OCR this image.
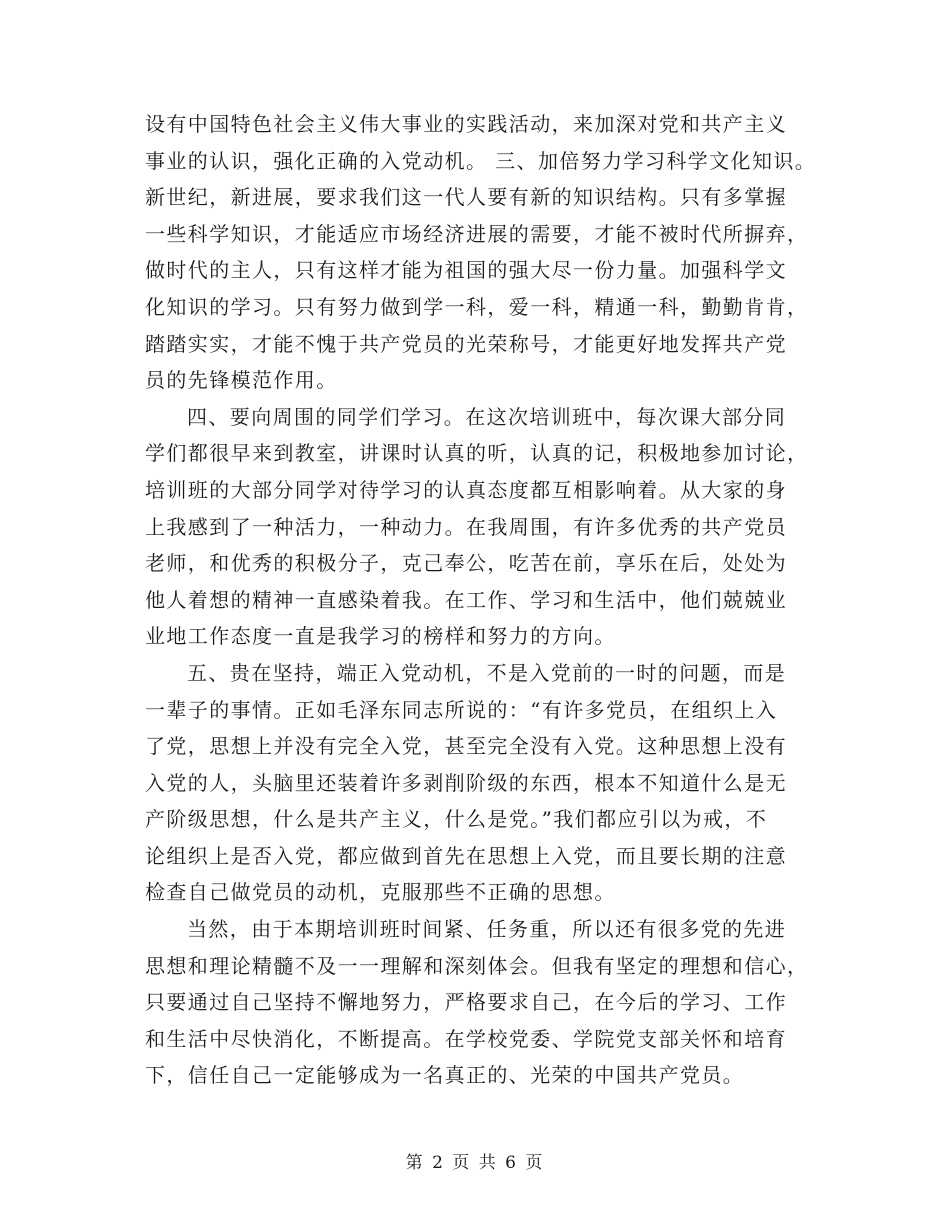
设有中国特色社会主义伟大事业的实践活动，来加深对党和共产主义
事业的认识，强化正确的入党动机。 三、加倍努力学习科学文化知识。
新世纪，新进展，要求我们这一代人要有新的知识结构。只有多掌握
一些科学知识，才能适应市场经济进展的需要，才能不被时代所摒弃，
做时代的主人，只有这样才能为祖国的强大尽一份力量。加强科学文
化知识的学习。只有努力做到学一科，爱一科，精通一科，勤勤肯肯，
踏踏实实，才能不愧于共产党员的光荣称号，才能更好地发挥共产党
员的先锋模范作用。
四、要向周围的同学们学习。在这次培训班中，每次课大部分同
学们都很早来到教室，讲课时认真的听，认真的记，积极地参加讨论，
培训班的大部分同学对待学习的认真态度都互相影响着。从大家的身
上我感到了一种活力，一种动力。在我周围，有许多优秀的共产党员
老师，和优秀的积极分子，克己奉公，吃苦在前，享乐在后，处处为
他人着想的精神一直感染着我。在工作、学习和生活中，他们兢兢业
业地工作态度一直是我学习的榜样和努力的方向。
五、贵在坚持，端正入党动机，不是入党前的一时的问题，而是
一辈子的事情。正如毛泽东同志所说的：“有许多党员，在组织上入
了党，思想上并没有完全入党，甚至完全没有入党。这种思想上没有
入党的人，头脑里还装着许多剥削阶级的东西，根本不知道什么是无
产阶级思想，什么是共产主义，什么是党。”我们都应引以为戒，不
论组织上是否入党，都应做到首先在思想上入党，而且要长期的注意
检查自己做党员的动机，克服那些不正确的思想。
当然，由于本期培训班时间紧、任务重，所以还有很多党的先进
思想和理论精髓不及一一理解和深刻体会。但我有坚定的理想和信心，
只要通过自己坚持不懈地努力，严格要求自己，在今后的学习、工作
和生活中尽快消化，不断提高。在学校党委、学院党支部关怀和培育
下，信任自己一定能够成为一名真正的、光荣的中国共产党员。
第 2 页 共 6 页
